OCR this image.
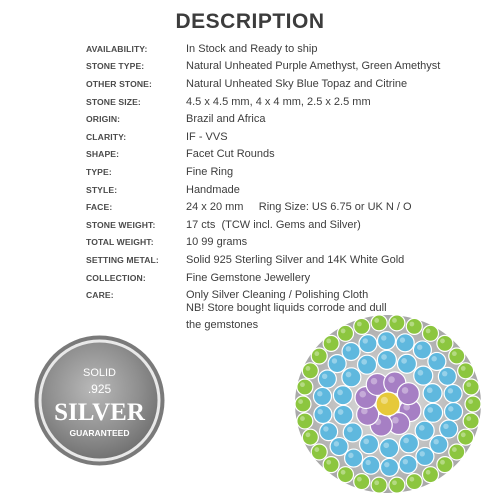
DESCRIPTION
AVAILABILITY:	In Stock and Ready to ship
STONE TYPE:	Natural Unheated Purple Amethyst, Green Amethyst
OTHER STONE:	Natural Unheated Sky Blue Topaz and Citrine
STONE SIZE:	4.5 x 4.5 mm, 4 x 4 mm, 2.5 x 2.5 mm
ORIGIN:	Brazil and Africa
CLARITY:	IF - VVS
SHAPE:	Facet Cut Rounds
TYPE:	Fine Ring
STYLE:	Handmade
FACE:	24 x 20 mm     Ring Size: US 6.75 or UK N / O
STONE WEIGHT:	17 cts  (TCW incl. Gems and Silver)
TOTAL WEIGHT:	10 99 grams
SETTING METAL:	Solid 925 Sterling Silver and 14K White Gold
COLLECTION:	Fine Gemstone Jewellery
CARE:	Only Silver Cleaning / Polishing Cloth
NB! Store bought liquids corrode and dull
the gemstones
SOLID
.925
SILVER
GUARANTEED
